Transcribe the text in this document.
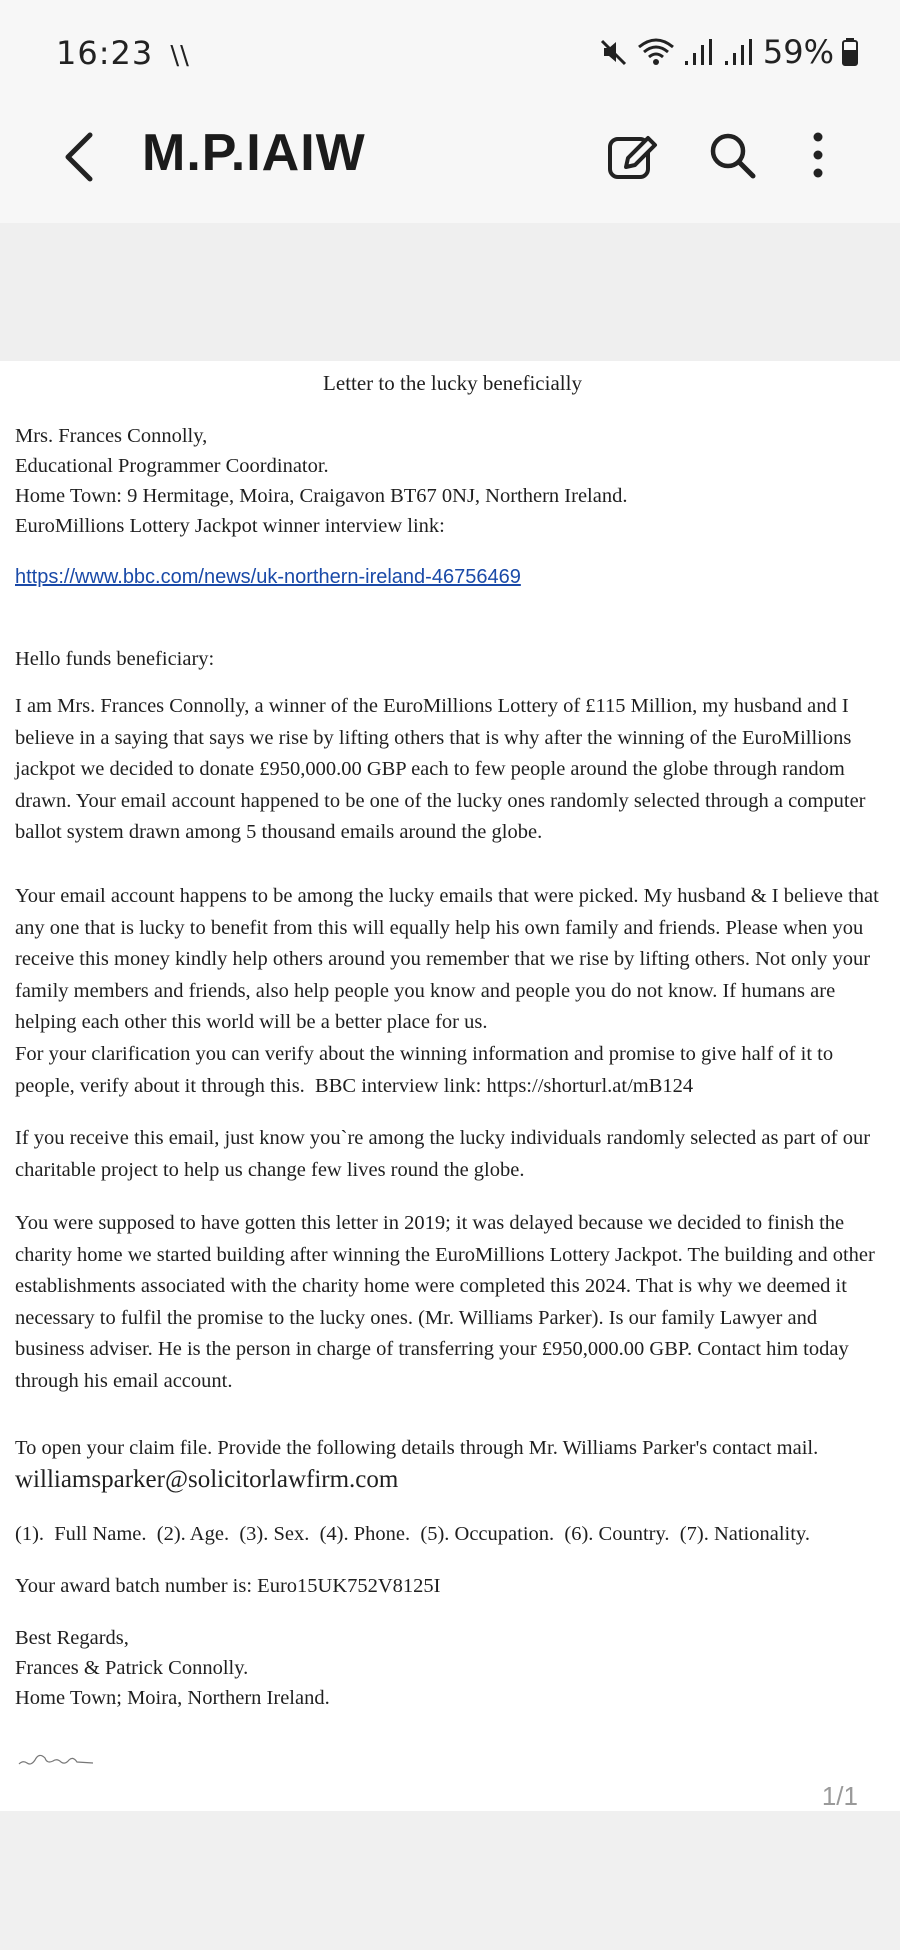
16:23 \\	59%
M.P.IAIW
Letter to the lucky beneficially
Mrs. Frances Connolly,
Educational Programmer Coordinator.
Home Town: 9 Hermitage, Moira, Craigavon BT67 0NJ, Northern Ireland.
EuroMillions Lottery Jackpot winner interview link:
https://www.bbc.com/news/uk-northern-ireland-46756469
Hello funds beneficiary:
I am Mrs. Frances Connolly, a winner of the EuroMillions Lottery of £115 Million, my husband and I believe in a saying that says we rise by lifting others that is why after the winning of the EuroMillions jackpot we decided to donate £950,000.00 GBP each to few people around the globe through random drawn. Your email account happened to be one of the lucky ones randomly selected through a computer ballot system drawn among 5 thousand emails around the globe.
Your email account happens to be among the lucky emails that were picked. My husband & I believe that any one that is lucky to benefit from this will equally help his own family and friends. Please when you receive this money kindly help others around you remember that we rise by lifting others. Not only your family members and friends, also help people you know and people you do not know. If humans are helping each other this world will be a better place for us.
For your clarification you can verify about the winning information and promise to give half of it to people, verify about it through this.  BBC interview link: https://shorturl.at/mB124
If you receive this email, just know you`re among the lucky individuals randomly selected as part of our charitable project to help us change few lives round the globe.
You were supposed to have gotten this letter in 2019; it was delayed because we decided to finish the charity home we started building after winning the EuroMillions Lottery Jackpot. The building and other establishments associated with the charity home were completed this 2024. That is why we deemed it necessary to fulfil the promise to the lucky ones. (Mr. Williams Parker). Is our family Lawyer and business adviser. He is the person in charge of transferring your £950,000.00 GBP. Contact him today through his email account.
To open your claim file. Provide the following details through Mr. Williams Parker's contact mail.
williamsparker@solicitorlawfirm.com
(1).  Full Name.  (2). Age.  (3). Sex.  (4). Phone.  (5). Occupation.  (6). Country.  (7). Nationality.
Your award batch number is: Euro15UK752V8125I
Best Regards,
Frances & Patrick Connolly.
Home Town; Moira, Northern Ireland.
1/1
